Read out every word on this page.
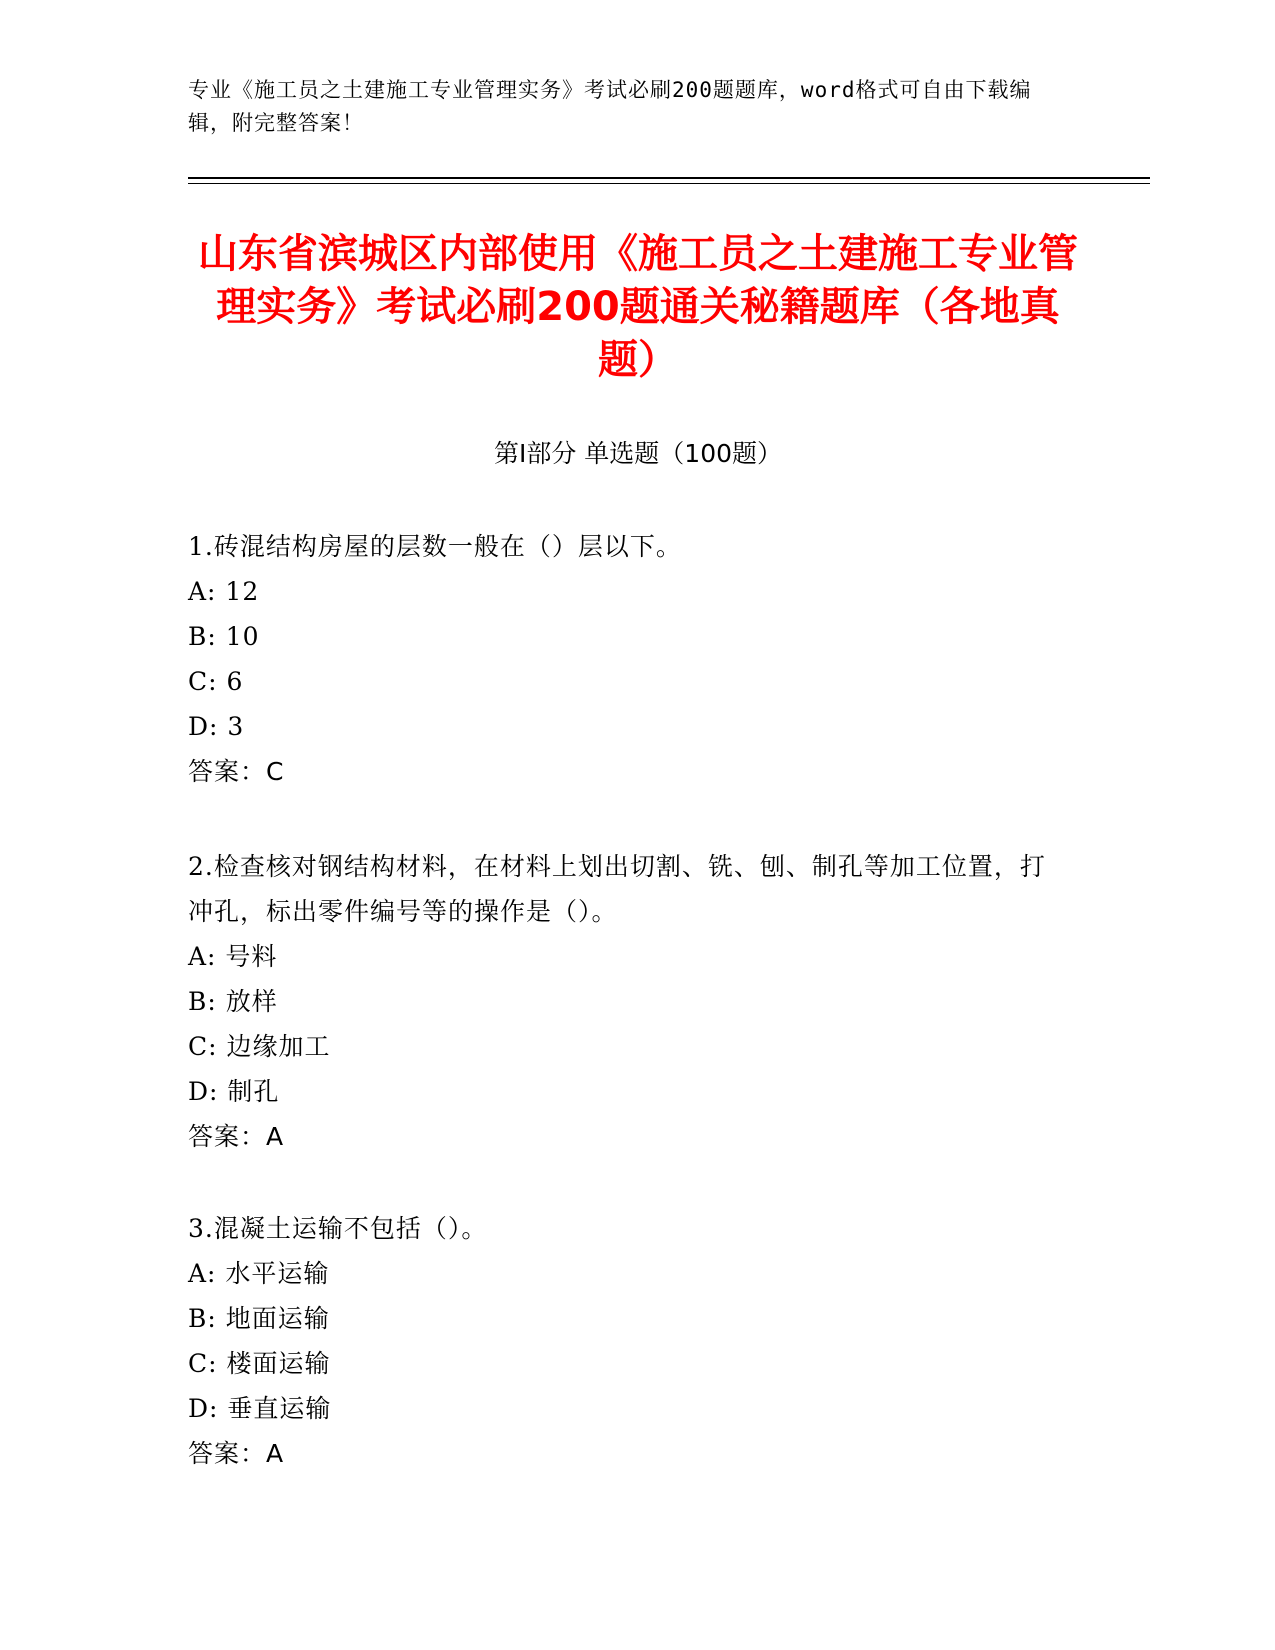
专业《施工员之土建施工专业管理实务》考试必刷200题题库，word格式可自由下载编辑，附完整答案！
山东省滨城区内部使用《施工员之土建施工专业管理实务》考试必刷200题通关秘籍题库（各地真题）
第Ⅰ部分 单选题（100题）
1.砖混结构房屋的层数一般在（）层以下。
A: 12
B: 10
C: 6
D: 3
答案：C
2.检查核对钢结构材料，在材料上划出切割、铣、刨、制孔等加工位置，打冲孔，标出零件编号等的操作是（）。
A: 号料
B: 放样
C: 边缘加工
D: 制孔
答案：A
3.混凝土运输不包括（）。
A: 水平运输
B: 地面运输
C: 楼面运输
D: 垂直运输
答案：A
